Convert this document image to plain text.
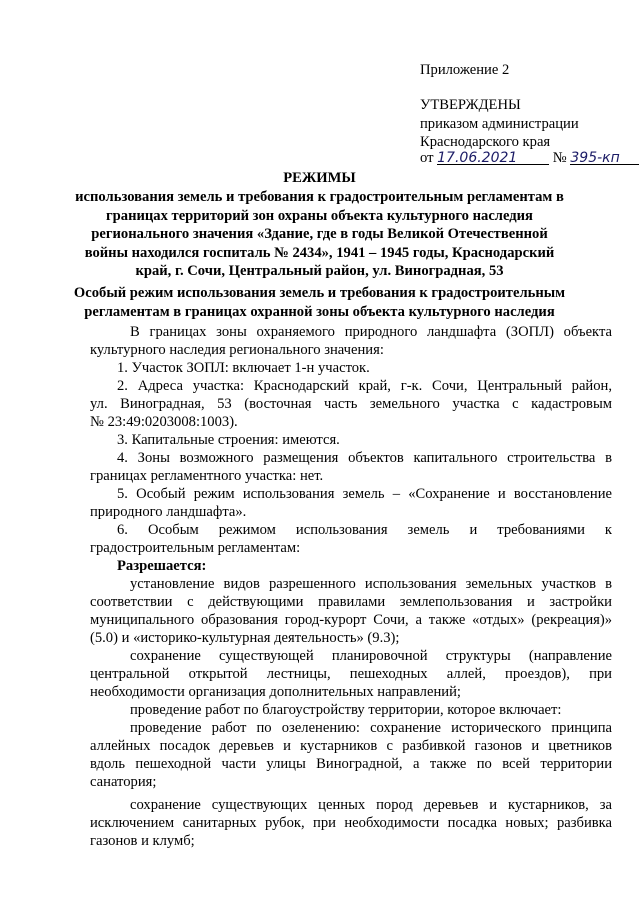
Приложение 2
УТВЕРЖДЕНЫ
приказом администрации
Краснодарского края
от 17.06.2021 № 395-кп
РЕЖИМЫ
использования земель и требования к градостроительным регламентам в
границах территорий зон охраны объекта культурного наследия
регионального значения «Здание, где в годы Великой Отечественной
войны находился госпиталь № 2434», 1941 – 1945 годы, Краснодарский
край, г. Сочи, Центральный район, ул. Виноградная, 53
Особый режим использования земель и требования к градостроительным
регламентам в границах охранной зоны объекта культурного наследия
В границах зоны охраняемого природного ландшафта (ЗОПЛ) объекта
культурного наследия регионального значения:
1. Участок ЗОПЛ: включает 1-н участок.
2. Адреса участка: Краснодарский край, г-к. Сочи, Центральный район,
ул. Виноградная, 53 (восточная часть земельного участка с кадастровым
№ 23:49:0203008:1003).
3. Капитальные строения: имеются.
4. Зоны возможного размещения объектов капитального строительства в
границах регламентного участка: нет.
5. Особый режим использования земель – «Сохранение и восстановление
природного ландшафта».
6. Особым режимом использования земель и требованиями к
градостроительным регламентам:
Разрешается:
установление видов разрешенного использования земельных участков в
соответствии с действующими правилами землепользования и застройки
муниципального образования город-курорт Сочи, а также «отдых» (рекреация)»
(5.0) и «историко-культурная деятельность» (9.3);
сохранение существующей планировочной структуры (направление
центральной открытой лестницы, пешеходных аллей, проездов), при
необходимости организация дополнительных направлений;
проведение работ по благоустройству территории, которое включает:
проведение работ по озеленению: сохранение исторического принципа
аллейных посадок деревьев и кустарников с разбивкой газонов и цветников
вдоль пешеходной части улицы Виноградной, а также по всей территории
санатория;
сохранение существующих ценных пород деревьев и кустарников, за
исключением санитарных рубок, при необходимости посадка новых; разбивка
газонов и клумб;
